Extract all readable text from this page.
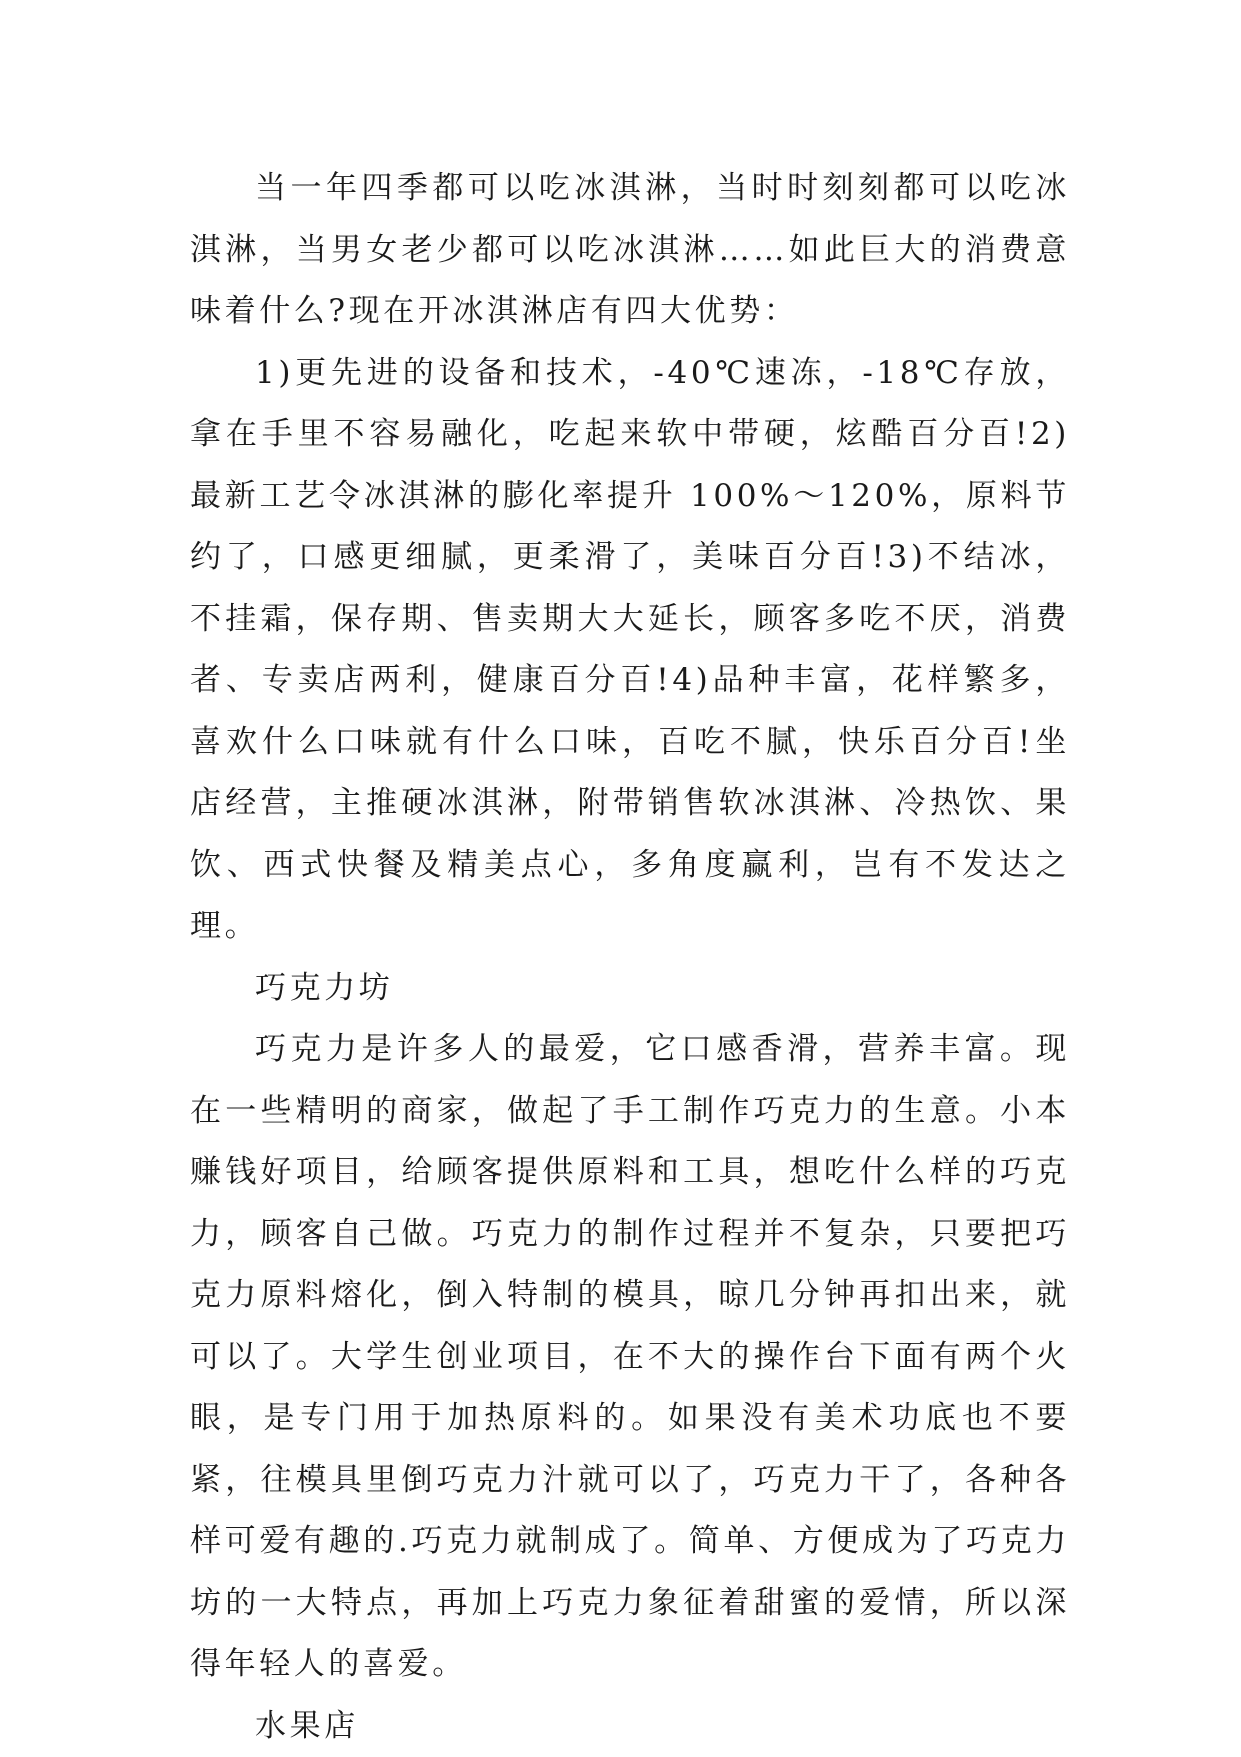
当一年四季都可以吃冰淇淋，当时时刻刻都可以吃冰淇淋，当男女老少都可以吃冰淇淋……如此巨大的消费意味着什么?现在开冰淇淋店有四大优势：

1)更先进的设备和技术，-40℃速冻，-18℃存放，拿在手里不容易融化，吃起来软中带硬，炫酷百分百!2)最新工艺令冰淇淋的膨化率提升 100%～120%，原料节约了，口感更细腻，更柔滑了，美味百分百!3)不结冰，不挂霜，保存期、售卖期大大延长，顾客多吃不厌，消费者、专卖店两利，健康百分百!4)品种丰富，花样繁多，喜欢什么口味就有什么口味，百吃不腻，快乐百分百!坐店经营，主推硬冰淇淋，附带销售软冰淇淋、冷热饮、果饮、西式快餐及精美点心，多角度赢利，岂有不发达之理。

巧克力坊

巧克力是许多人的最爱，它口感香滑，营养丰富。现在一些精明的商家，做起了手工制作巧克力的生意。小本赚钱好项目，给顾客提供原料和工具，想吃什么样的巧克力，顾客自己做。巧克力的制作过程并不复杂，只要把巧克力原料熔化，倒入特制的模具，晾几分钟再扣出来，就可以了。大学生创业项目，在不大的操作台下面有两个火眼，是专门用于加热原料的。如果没有美术功底也不要紧，往模具里倒巧克力汁就可以了，巧克力干了，各种各样可爱有趣的.巧克力就制成了。简单、方便成为了巧克力坊的一大特点，再加上巧克力象征着甜蜜的爱情，所以深得年轻人的喜爱。

水果店
